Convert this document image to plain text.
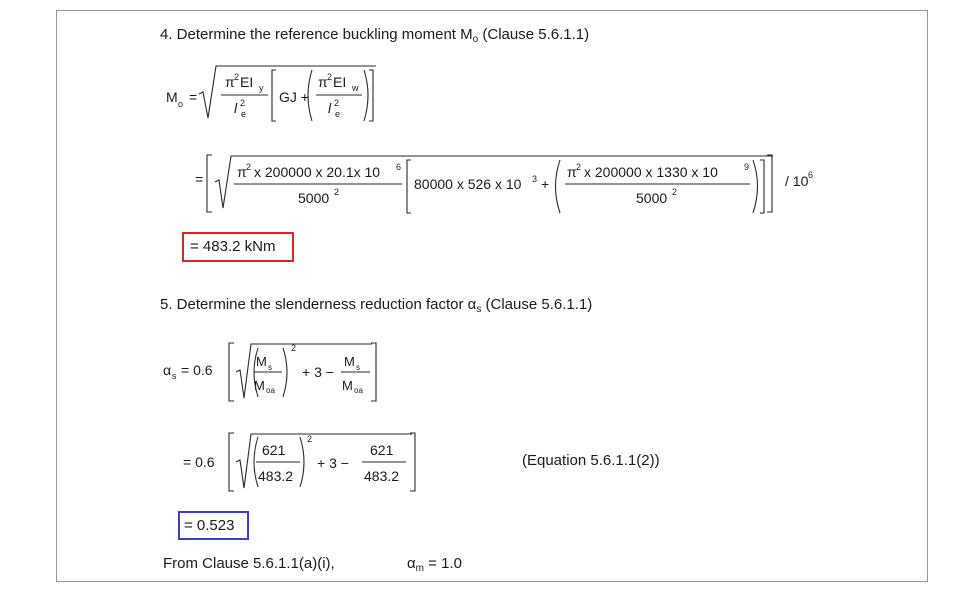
4. Determine the reference buckling moment $M_o$ (Clause 5.6.1.1)
M o =
π 2 EI y
l 2
e
GJ +
π 2 EI w
l 2
e
= π 2 x 200000 x 20.1x 10 6
5000 2	80000 x 526 x 10 3 +
π 2 x 200000 x 1330 x 10	9
5000 2
/ 10 6
α s = 0.6
M s
M oa
2
+ 3 −
M s
M oa
= 0.6
621
483.2
2
+ 3 −
621
483.2
= 483.2 kNm
5. Determine the slenderness reduction factor $\alpha_s$ (Clause 5.6.1.1)
(Equation 5.6.1.1(2))
= 0.523
From Clause 5.6.1.1(a)(i),	$\alpha_m = 1.0$
